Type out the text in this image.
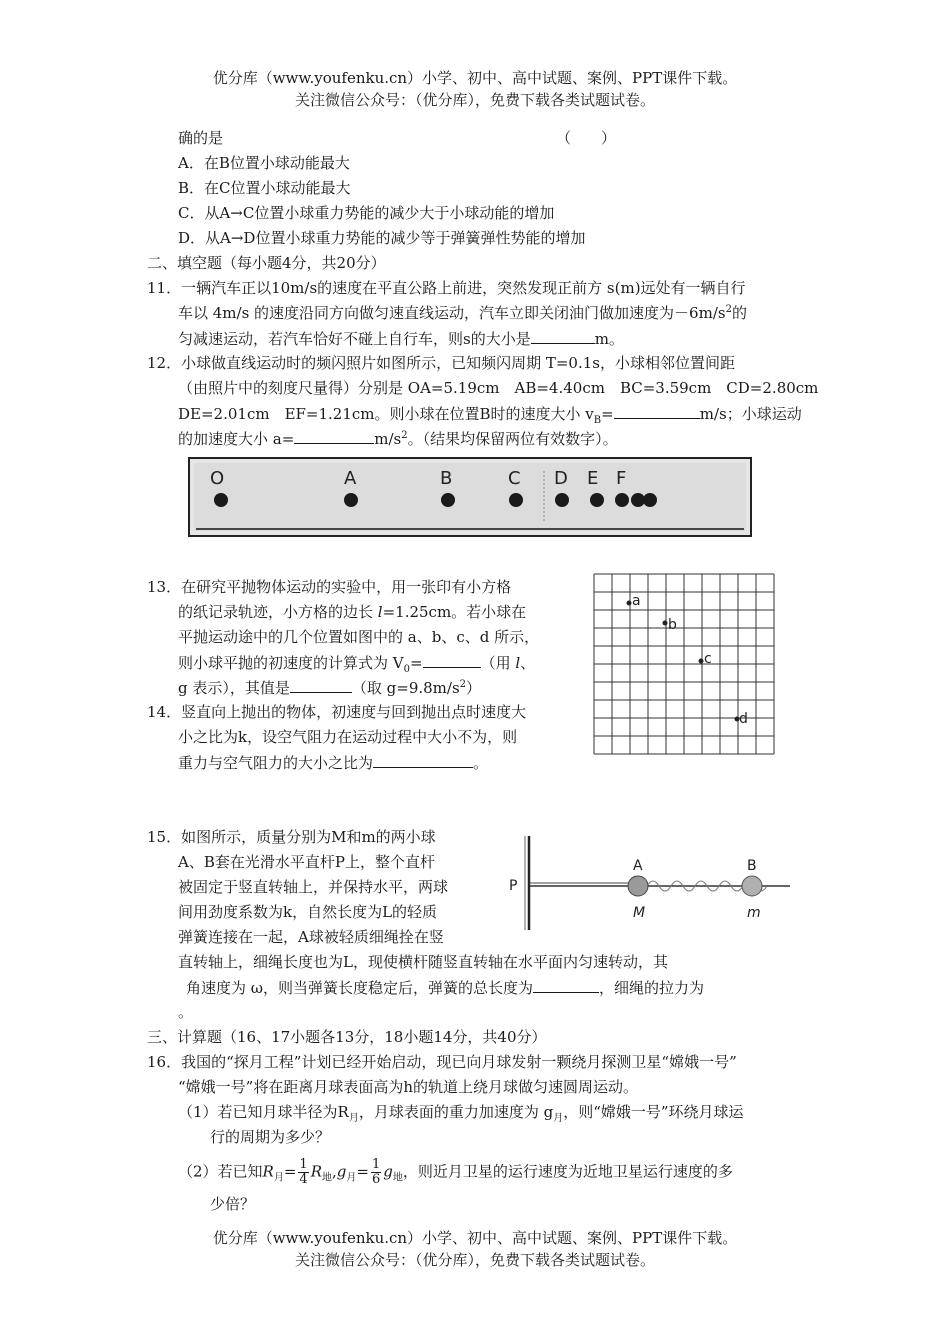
优分库（www.youfenku.cn）小学、初中、高中试题、案例、PPT课件下载。
关注微信公众号：（优分库），免费下载各类试题试卷。
确的是	（　　）
A．在B位置小球动能最大
B．在C位置小球动能最大
C．从A→C位置小球重力势能的减少大于小球动能的增加
D．从A→D位置小球重力势能的减少等于弹簧弹性势能的增加
二、填空题（每小题4分，共20分）
11．一辆汽车正以10m/s的速度在平直公路上前进，突然发现正前方 s(m)远处有一辆自行
车以 4m/s 的速度沿同方向做匀速直线运动，汽车立即关闭油门做加速度为$-6m/s^2$的
匀减速运动，若汽车恰好不碰上自行车，则s的大小是	m。
12．小球做直线运动时的频闪照片如图所示，已知频闪周期 T=0.1s，小球相邻位置间距
（由照片中的刻度尺量得）分别是 OA=5.19cm　AB=4.40cm　BC=3.59cm　CD=2.80cm
DE=2.01cm　EF=1.21cm。则小球在位置B时的速度大小 $v_B=$	m/s；小球运动
的加速度大小 a=	$m/s^2$。（结果均保留两位有效数字）。
O	A	B	C D E F
13．在研究平抛物体运动的实验中，用一张印有小方格
的纸记录轨迹，小方格的边长 l=1.25cm。若小球在
平抛运动途中的几个位置如图中的 a、b、c、d 所示，
则小球平抛的初速度的计算式为 $V_0=$	（用 l、
g 表示），其值是	（取 $g=9.8m/s^2$）
a
b
c
d
14．竖直向上抛出的物体，初速度与回到抛出点时速度大
小之比为k，设空气阻力在运动过程中大小不为，则
重力与空气阻力的大小之比为	。
15．如图所示，质量分别为M和m的两小球
A、B套在光滑水平直杆P上，整个直杆
被固定于竖直转轴上，并保持水平，两球
间用劲度系数为k，自然长度为L的轻质
弹簧连接在一起，A球被轻质细绳拴在竖
直转轴上，细绳长度也为L，现使横杆随竖直转轴在水平面内匀速转动，其
角速度为 ω，则当弹簧长度稳定后，弹簧的总长度为	，细绳的拉力为
。
P
A	B
M	m
三、计算题（16、17小题各13分，18小题14分，共40分）
16．我国的“探月工程”计划已经开始启动，现已向月球发射一颗绕月探测卫星“嫦娥一号”
“嫦娥一号”将在距离月球表面高为h的轨道上绕月球做匀速圆周运动。
（1）若已知月球半径为$R_月$，月球表面的重力加速度为 $g_月$，则“嫦娥一号”环绕月球运
行的周期为多少？
（2）若已知$R_月= \frac{1}{4} R_地,g_月= \frac{1}{6} g_地$，则近月卫星的运行速度为近地卫星运行速度的多
少倍？
优分库（www.youfenku.cn）小学、初中、高中试题、案例、PPT课件下载。
关注微信公众号：（优分库），免费下载各类试题试卷。
